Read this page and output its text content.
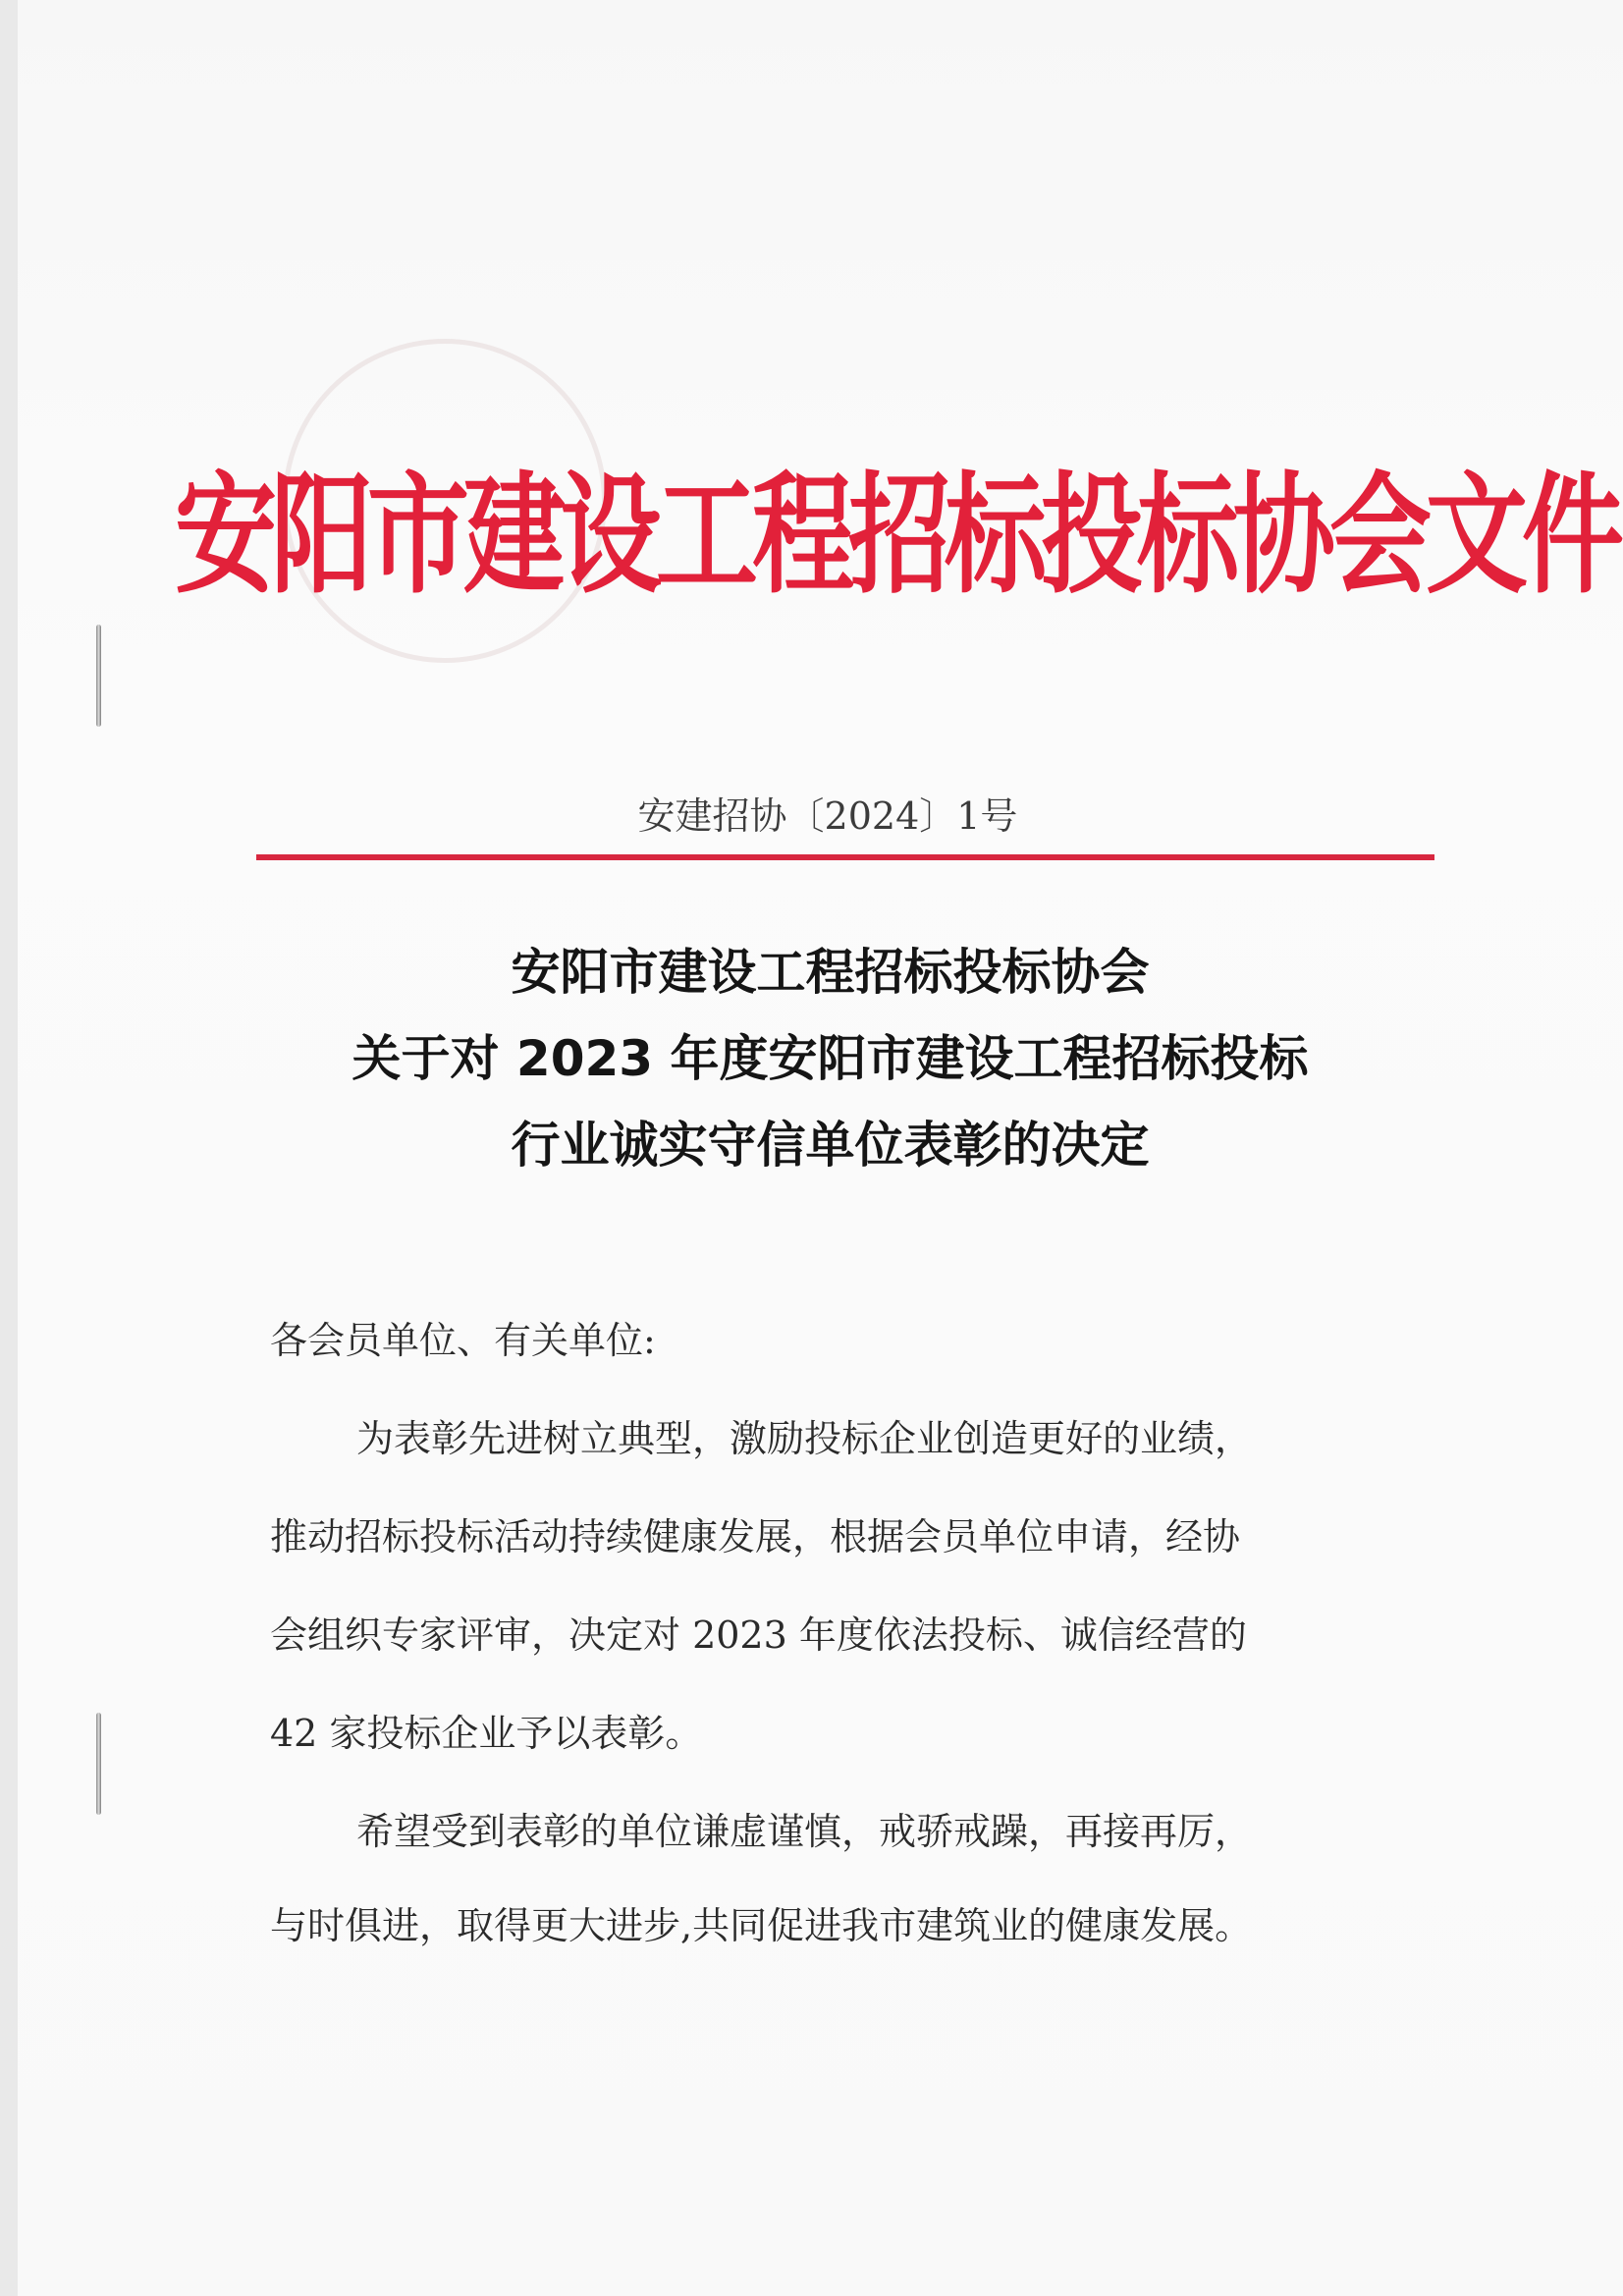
安阳市建设工程招标投标协会文件

安建招协〔2024〕1号

安阳市建设工程招标投标协会
关于对 2023 年度安阳市建设工程招标投标
行业诚实守信单位表彰的决定

各会员单位、有关单位:

为表彰先进树立典型，激励投标企业创造更好的业绩，

推动招标投标活动持续健康发展，根据会员单位申请，经协

会组织专家评审，决定对 2023 年度依法投标、诚信经营的

42 家投标企业予以表彰。

希望受到表彰的单位谦虚谨慎，戒骄戒躁，再接再厉，

与时俱进，取得更大进步,共同促进我市建筑业的健康发展。
